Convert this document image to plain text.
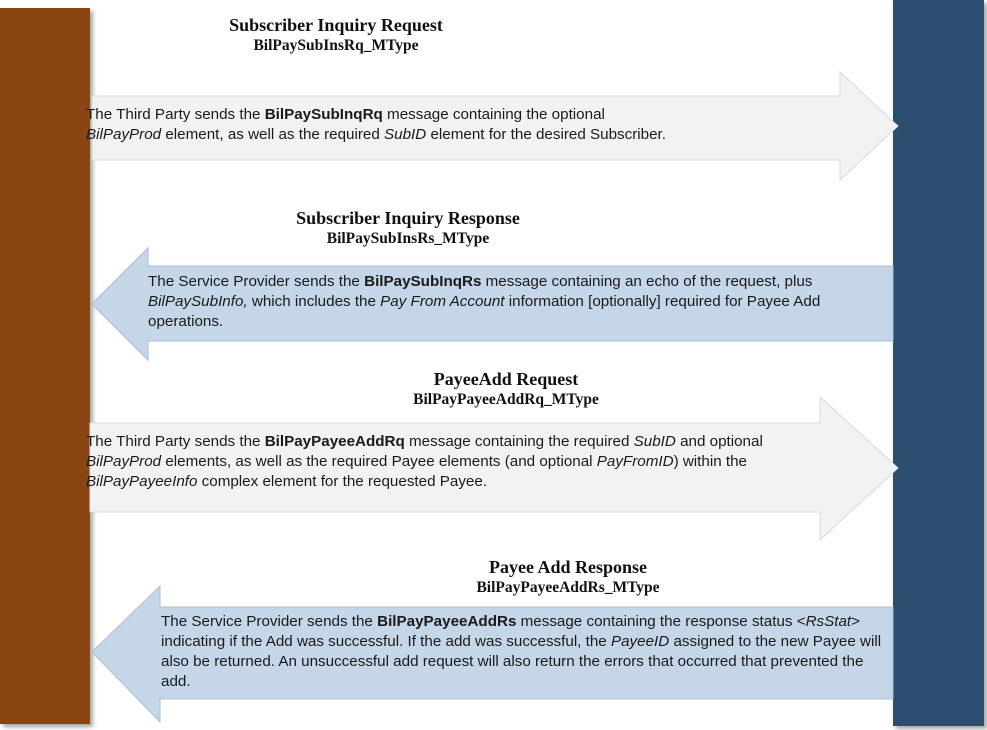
Subscriber Inquiry Request
BilPaySubInsRq_MType
The Third Party sends the BilPaySubInqRq message containing the optional
BilPayProd element, as well as the required SubID element for the desired Subscriber.
Subscriber Inquiry Response
BilPaySubInsRs_MType
The Service Provider sends the BilPaySubInqRs message containing an echo of the request, plus BilPaySubInfo, which includes the Pay From Account information [optionally] required for Payee Add operations.
PayeeAdd Request
BilPayPayeeAddRq_MType
The Third Party sends the BilPayPayeeAddRq message containing the required SubID and optional BilPayProd elements, as well as the required Payee elements (and optional PayFromID) within the BilPayPayeeInfo complex element for the requested Payee.
Payee Add Response
BilPayPayeeAddRs_MType
The Service Provider sends the BilPayPayeeAddRs message containing the response status <RsStat> indicating if the Add was successful. If the add was successful, the PayeeID assigned to the new Payee will also be returned. An unsuccessful add request will also return the errors that occurred that prevented the add.
